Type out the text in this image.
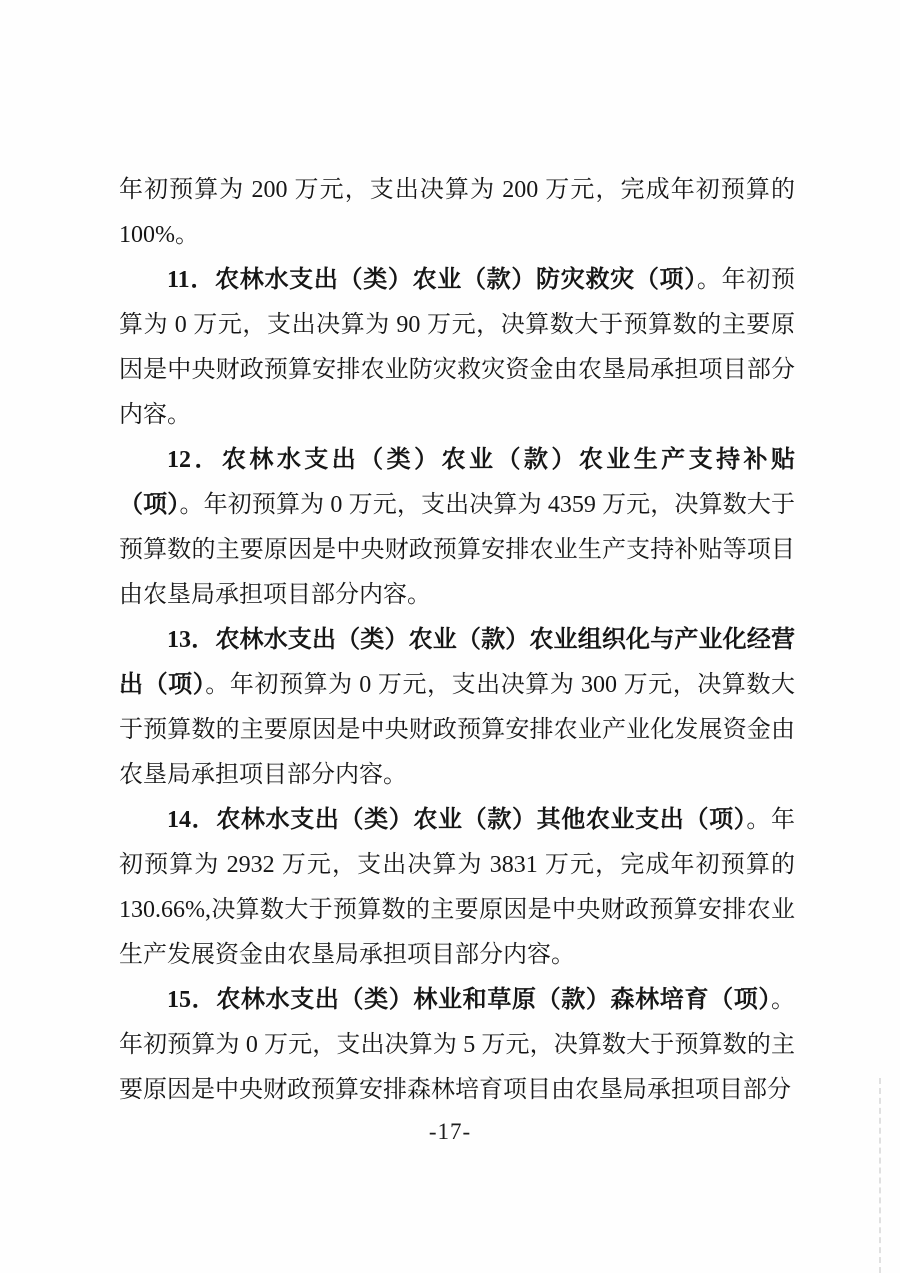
年初预算为 200 万元，支出决算为 200 万元，完成年初预算的100%。

11．农林水支出（类）农业（款）防灾救灾（项）。年初预算为 0 万元，支出决算为 90 万元，决算数大于预算数的主要原因是中央财政预算安排农业防灾救灾资金由农垦局承担项目部分内容。

12．农林水支出（类）农业（款）农业生产支持补贴（项）。年初预算为 0 万元，支出决算为 4359 万元，决算数大于预算数的主要原因是中央财政预算安排农业生产支持补贴等项目由农垦局承担项目部分内容。

13．农林水支出（类）农业（款）农业组织化与产业化经营出（项）。年初预算为 0 万元，支出决算为 300 万元，决算数大于预算数的主要原因是中央财政预算安排农业产业化发展资金由农垦局承担项目部分内容。

14．农林水支出（类）农业（款）其他农业支出（项）。年初预算为 2932 万元，支出决算为 3831 万元，完成年初预算的130.66%,决算数大于预算数的主要原因是中央财政预算安排农业生产发展资金由农垦局承担项目部分内容。

15．农林水支出（类）林业和草原（款）森林培育（项）。年初预算为 0 万元，支出决算为 5 万元，决算数大于预算数的主要原因是中央财政预算安排森林培育项目由农垦局承担项目部分

-17-
